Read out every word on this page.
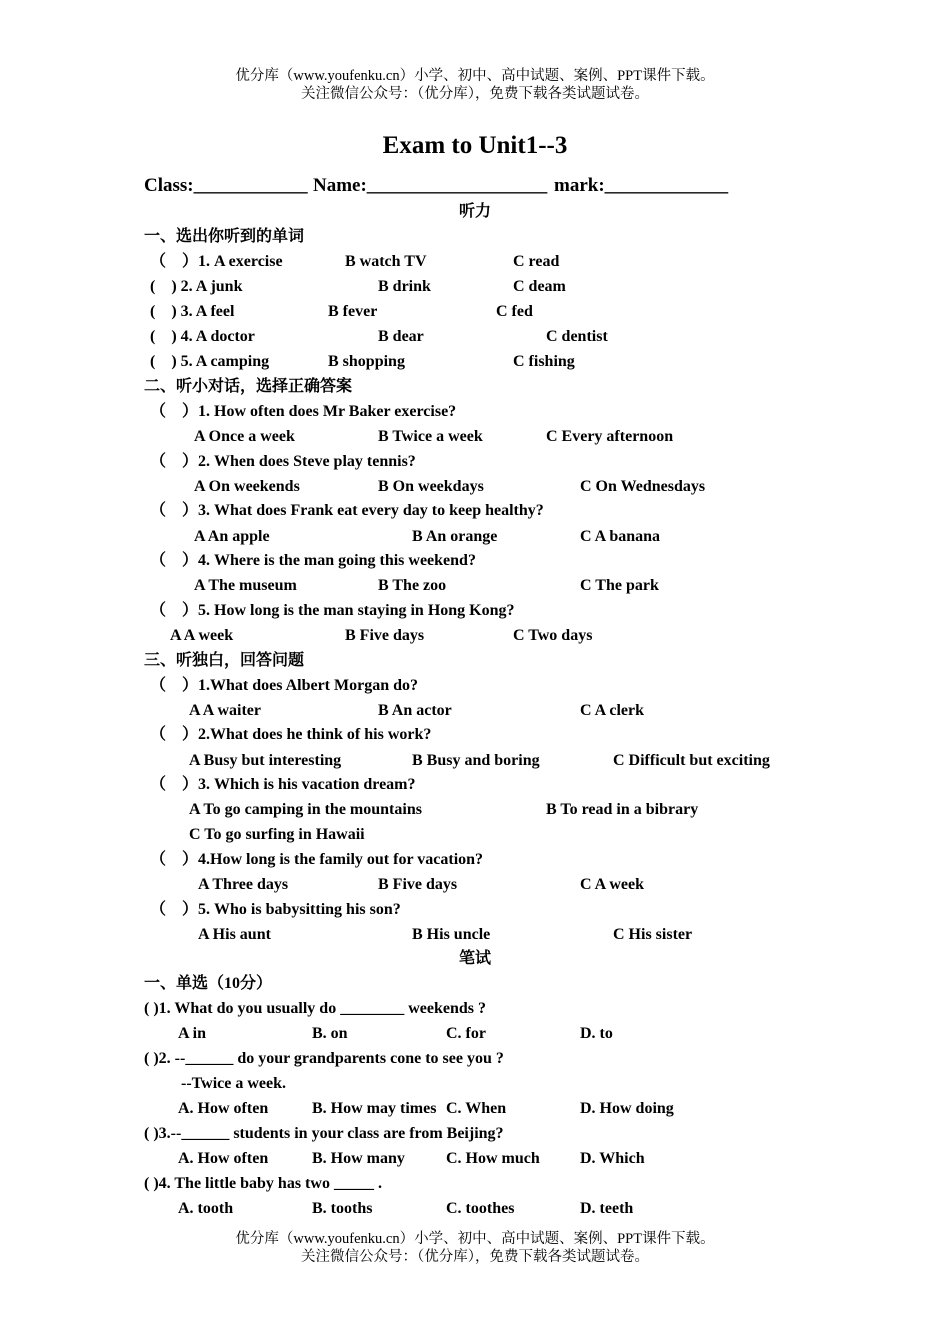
优分库（www.youfenku.cn）小学、初中、高中试题、案例、PPT课件下载。
关注微信公众号：（优分库），免费下载各类试题试卷。
Exam to Unit1--3
Class:____________ Name:___________________ mark:_____________
听力
一、选出你听到的单词
（　）1. A exercise	B watch TV	C read
(　) 2. A junk	B drink	C deam
(　) 3. A feel	B fever	C fed
(　) 4. A doctor	B dear	C dentist
(　) 5. A camping	B shopping	C fishing
二、听小对话，选择正确答案
（　）1. How often does Mr Baker exercise?
A Once a week	B Twice a week	C Every afternoon
（　）2. When does Steve play tennis?
A On weekends	B On weekdays	C On Wednesdays
（　）3. What does Frank eat every day to keep healthy?
A An apple	B An orange	C A banana
（　）4. Where is the man going this weekend?
A The museum	B The zoo	C The park
（　）5. How long is the man staying in Hong Kong?
A A week	B Five days	C Two days
三、听独白，回答问题
（　）1.What does Albert Morgan do?
A A waiter	B An actor	C A clerk
（　）2.What does he think of his work?
A Busy but interesting	B Busy and boring	C Difficult but exciting
（　）3. Which is his vacation dream?
A To go camping in the mountains	B To read in a bibrary
C To go surfing in Hawaii
（　）4.How long is the family out for vacation?
A Three days	B Five days	C A week
（　）5. Who is babysitting his son?
A His aunt	B His uncle	C His sister
笔试
一、单选（10分）
( )1. What do you usually do ________ weekends ?
A in	B. on	C. for	D. to
( )2. --______ do your grandparents cone to see you ?
--Twice a week.
A. How often	B. How may times C. When	D. How doing
( )3.--______ students in your class are from Beijing?
A. How often	B. How many	C. How much	D. Which
( )4. The little baby has two _____ .
A. tooth	B. tooths	C. toothes	D. teeth
优分库（www.youfenku.cn）小学、初中、高中试题、案例、PPT课件下载。
关注微信公众号：（优分库），免费下载各类试题试卷。
